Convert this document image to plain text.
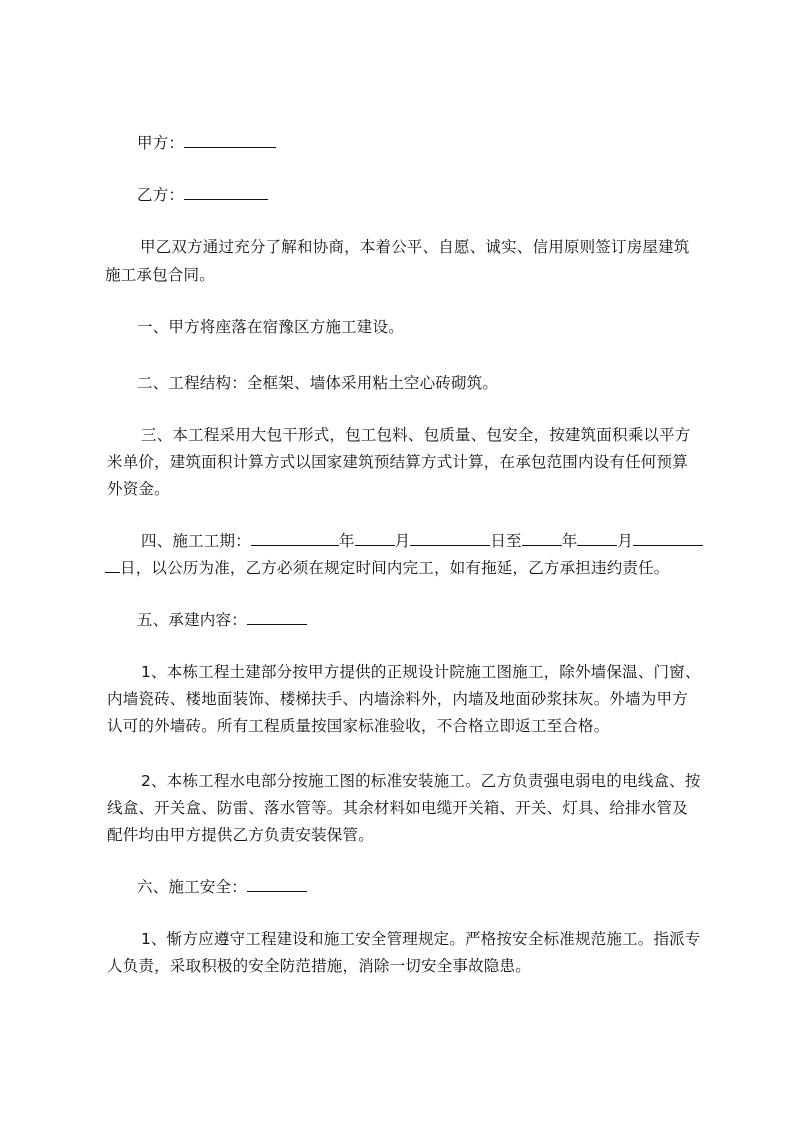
甲方：
乙方：
甲乙双方通过充分了解和协商，本着公平、自愿、诚实、信用原则签订房屋建筑
施工承包合同。
一、甲方将座落在宿豫区方施工建设。
二、工程结构：全框架、墙体采用粘土空心砖砌筑。
三、本工程采用大包干形式，包工包料、包质量、包安全，按建筑面积乘以平方
米单价，建筑面积计算方式以国家建筑预结算方式计算，在承包范围内设有任何预算
外资金。
四、施工工期：	年	月	日至	年	月
日，以公历为准，乙方必须在规定时间内完工，如有拖延，乙方承担违约责任。
五、承建内容：
1、本栋工程土建部分按甲方提供的正规设计院施工图施工，除外墙保温、门窗、
内墙瓷砖、楼地面装饰、楼梯扶手、内墙涂料外，内墙及地面砂浆抹灰。外墙为甲方
认可的外墙砖。所有工程质量按国家标准验收，不合格立即返工至合格。
2、本栋工程水电部分按施工图的标准安装施工。乙方负责强电弱电的电线盒、按
线盒、开关盒、防雷、落水管等。其余材料如电缆开关箱、开关、灯具、给排水管及
配件均由甲方提供乙方负责安装保管。
六、施工安全：
1、惭方应遵守工程建设和施工安全管理规定。严格按安全标准规范施工。指派专
人负责，采取积极的安全防范措施，消除一切安全事故隐患。
